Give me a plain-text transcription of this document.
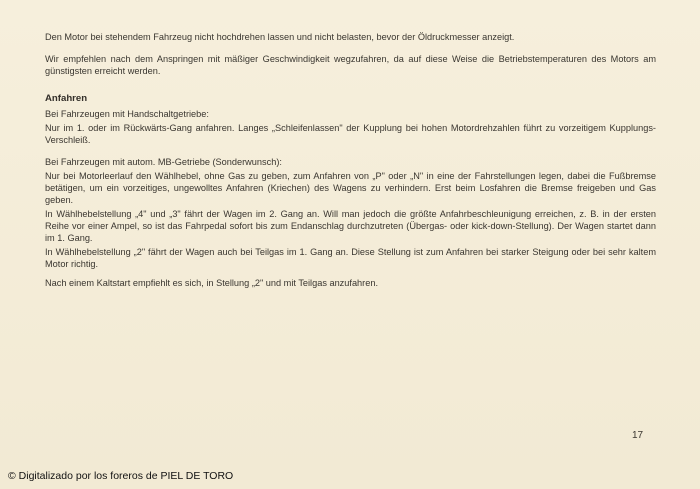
Den Motor bei stehendem Fahrzeug nicht hochdrehen lassen und nicht belasten, bevor der Öldruckmesser anzeigt.

Wir empfehlen nach dem Anspringen mit mäßiger Geschwindigkeit wegzufahren, da auf diese Weise die Betriebstemperaturen des Motors am günstigsten erreicht werden.

Anfahren

Bei Fahrzeugen mit Handschaltgetriebe:

Nur im 1. oder im Rückwärts-Gang anfahren. Langes „Schleifenlassen" der Kupplung bei hohen Motordrehzahlen führt zu vorzeitigem Kupplungs-Verschleiß.

Bei Fahrzeugen mit autom. MB-Getriebe (Sonderwunsch):

Nur bei Motorleerlauf den Wählhebel, ohne Gas zu geben, zum Anfahren von „P" oder „N" in eine der Fahrstellungen legen, dabei die Fußbremse betätigen, um ein vorzeitiges, ungewolltes Anfahren (Kriechen) des Wagens zu verhindern. Erst beim Losfahren die Bremse freigeben und Gas geben.

In Wählhebelstellung „4" und „3" fährt der Wagen im 2. Gang an. Will man jedoch die größte Anfahrbeschleunigung erreichen, z. B. in der ersten Reihe vor einer Ampel, so ist das Fahrpedal sofort bis zum Endanschlag durchzutreten (Übergas- oder kick-down-Stellung). Der Wagen startet dann im 1. Gang.

In Wählhebelstellung „2" fährt der Wagen auch bei Teilgas im 1. Gang an. Diese Stellung ist zum Anfahren bei starker Steigung oder bei sehr kaltem Motor richtig.

Nach einem Kaltstart empfiehlt es sich, in Stellung „2" und mit Teilgas anzufahren.

17
© Digitalizado por los foreros de PIEL DE TORO
